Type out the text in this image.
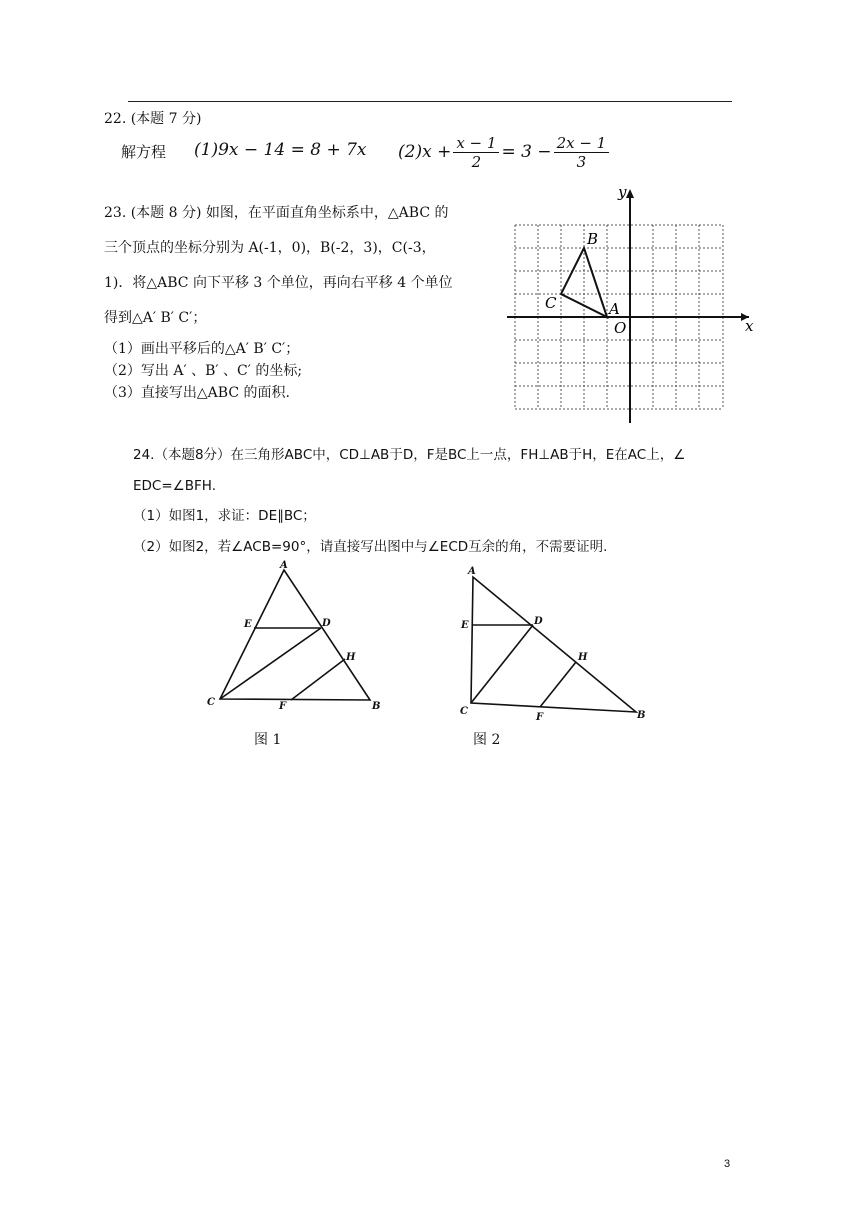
22. (本题 7 分)
解方程 (1)9x − 14 = 8 + 7x $(2)x + \frac{x - 1}{2} = 3 - \frac{2x - 1}{3}$
23. (本题 8 分) 如图，在平面直角坐标系中，△ABC 的
三个顶点的坐标分别为 A(-1，0)，B(-2，3)，C(-3，
1)．将△ABC 向下平移 3 个单位，再向右平移 4 个单位
得到△A′ B′ C′；
（1）画出平移后的△A′ B′ C′；
（2）写出 A′ 、B′ 、C′ 的坐标;
（3）直接写出△ABC 的面积.
x
y
O
A
B
C
24.（本题8分）在三角形ABC中，CD⊥AB于D，F是BC上一点，FH⊥AB于H，E在AC上，∠
EDC=∠BFH.
（1）如图1，求证：DE∥BC；
（2）如图2，若∠ACB=90°，请直接写出图中与∠ECD互余的角，不需要证明.
A
E	D
H
C	F	B
图 1
A
E	D
H
C
F	B
图 2
3
